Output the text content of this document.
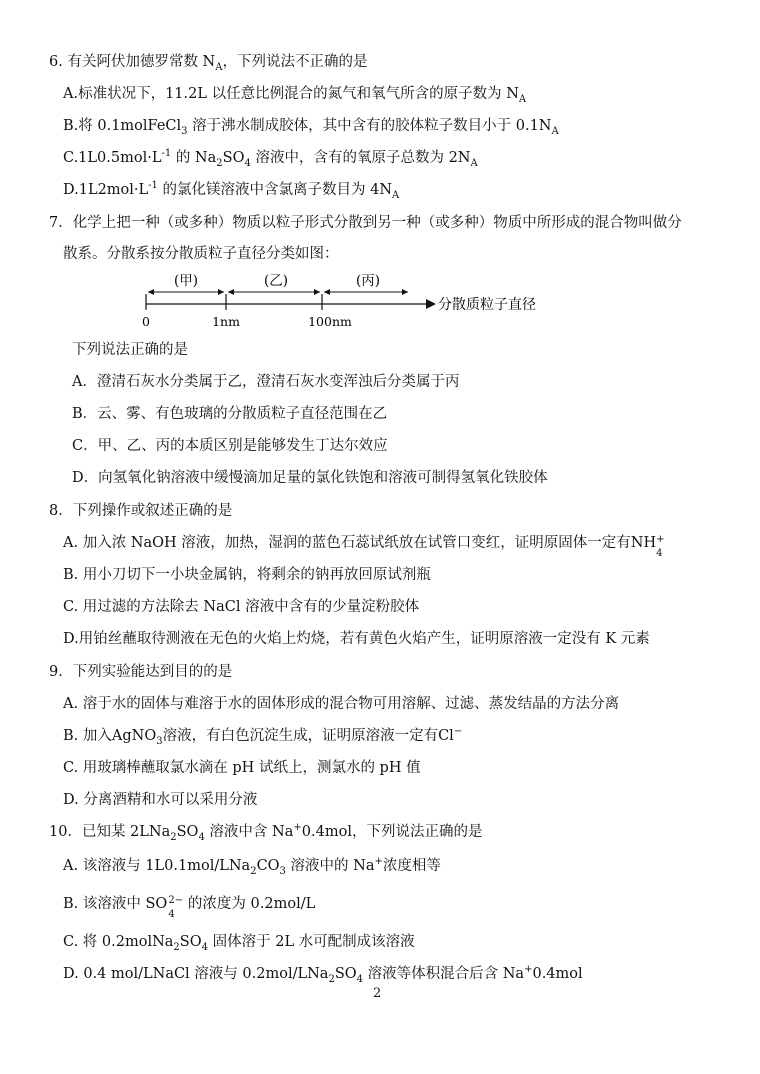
6. 有关阿伏加德罗常数 $N_A$，下列说法不正确的是
A.标准状况下，11.2L 以任意比例混合的氮气和氧气所含的原子数为 $N_A$
B.将 0.1molFeCl$_3$ 溶于沸水制成胶体，其中含有的胶体粒子数目小于 $0.1N_A$
$C.1L0.5mol\cdot L^{-1}$ 的 $Na_2SO_4$ 溶液中，含有的氧原子总数为 $2N_A$
$D.1L2mol\cdot L^{-1}$ 的氯化镁溶液中含氯离子数目为 $4N_A$
7．化学上把一种（或多种）物质以粒子形式分散到另一种（或多种）物质中所形成的混合物叫做分
散系。分散系按分散质粒子直径分类如图：
(甲)	(乙)	(丙)
0	1nm	100nm
分散质粒子直径
下列说法正确的是
A．澄清石灰水分类属于乙，澄清石灰水变浑浊后分类属于丙
B．云、雾、有色玻璃的分散质粒子直径范围在乙
C．甲、乙、丙的本质区别是能够发生丁达尔效应
D．向氢氧化钠溶液中缓慢滴加足量的氯化铁饱和溶液可制得氢氧化铁胶体
8．下列操作或叙述正确的是
A. 加入浓 NaOH 溶液，加热，湿润的蓝色石蕊试纸放在试管口变红，证明原固体一定有NH +
4
B. 用小刀切下一小块金属钠，将剩余的钠再放回原试剂瓶
C. 用过滤的方法除去 NaCl 溶液中含有的少量淀粉胶体
D.用铂丝蘸取待测液在无色的火焰上灼烧，若有黄色火焰产生，证明原溶液一定没有 K 元素
9．下列实验能达到目的的是
A. 溶于水的固体与难溶于水的固体形成的混合物可用溶解、过滤、蒸发结晶的方法分离
B. 加入AgNO$_3$溶液，有白色沉淀生成，证明原溶液一定有Cl−
C. 用玻璃棒蘸取氯水滴在 pH 试纸上，测氯水的 pH 值
D. 分离酒精和水可以采用分液
10．已知某 $2LNa_2SO_4$ 溶液中含 Na+0.4mol，下列说法正确的是
A. 该溶液与 $1L0.1mol/LNa_2CO_3$ 溶液中的 Na+浓度相等
B. 该溶液中 SO 2−
4
的浓度为 0.2mol/L
C. 将 $0.2molNa_2SO_4$ 固体溶于 2L 水可配制成该溶液
D. 0.4 mol/LNaCl 溶液与 $0.2mol/LNa_2SO_4$ 溶液等体积混合后含 Na+0.4mol
2
